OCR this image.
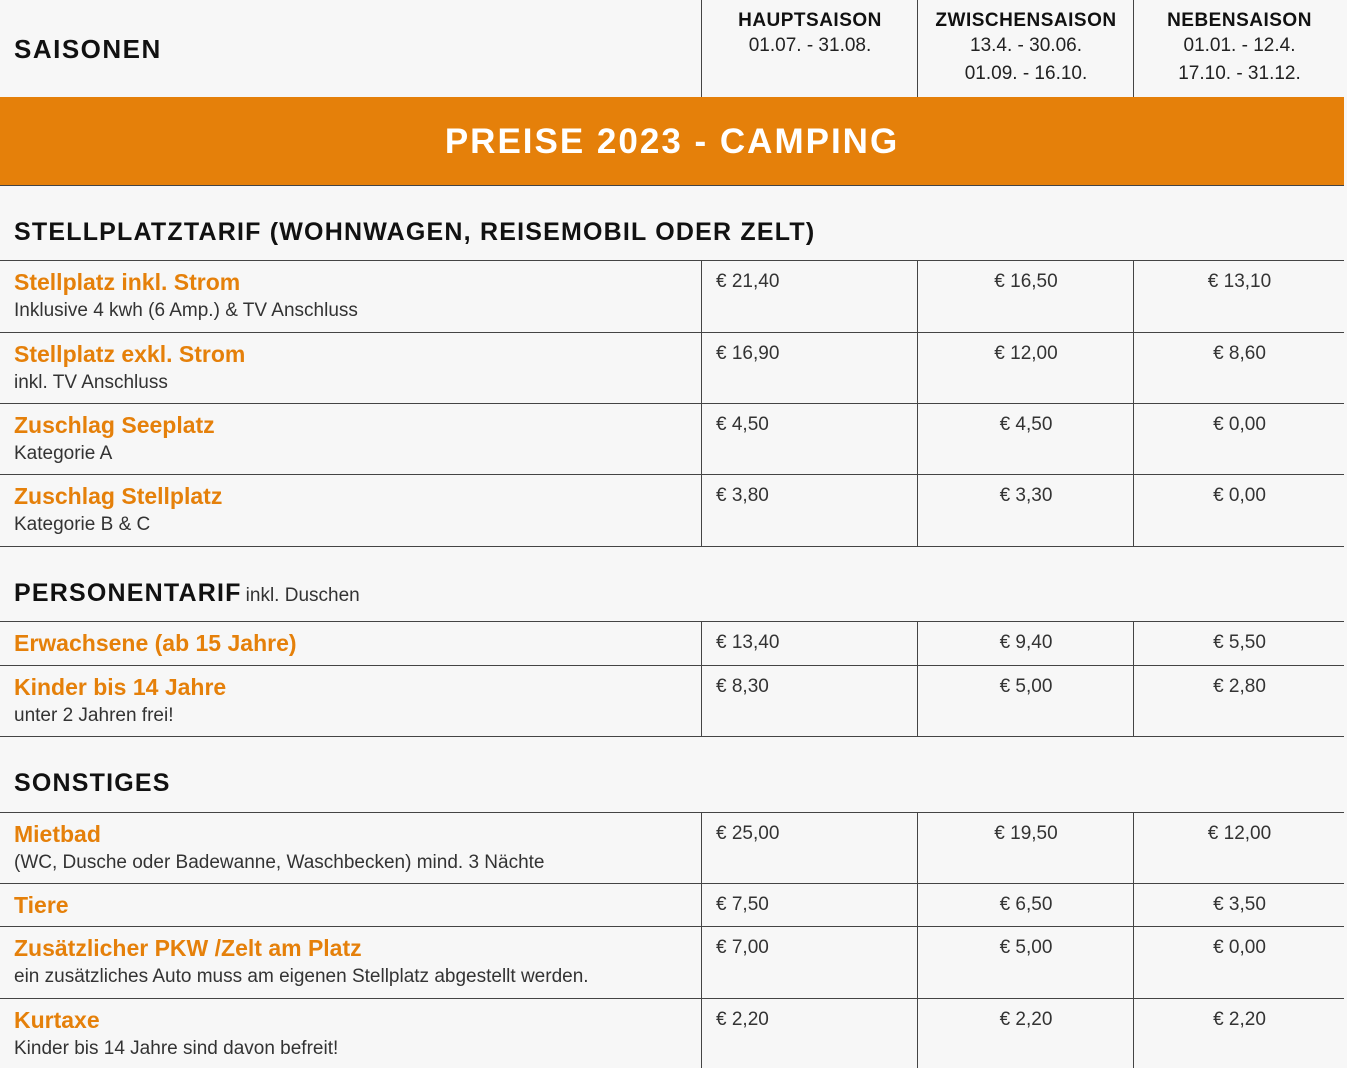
SAISONEN
HAUPTSAISON
01.07. - 31.08.
ZWISCHENSAISON
13.4. - 30.06.
01.09. - 16.10.
NEBENSAISON
01.01. - 12.4.
17.10. - 31.12.
PREISE 2023 - CAMPING
STELLPLATZTARIF (WOHNWAGEN, REISEMOBIL ODER ZELT)
Stellplatz inkl. Strom
Inklusive 4 kwh (6 Amp.) & TV Anschluss
€ 21,40	€ 16,50	€ 13,10
Stellplatz exkl. Strom
inkl. TV Anschluss
€ 16,90	€ 12,00	€ 8,60
Zuschlag Seeplatz
Kategorie A
€ 4,50	€ 4,50	€ 0,00
Zuschlag Stellplatz
Kategorie B & C
€ 3,80	€ 3,30	€ 0,00
PERSONENTARIF inkl. Duschen
Erwachsene (ab 15 Jahre)	€ 13,40	€ 9,40	€ 5,50
Kinder bis 14 Jahre
unter 2 Jahren frei!
€ 8,30	€ 5,00	€ 2,80
SONSTIGES
Mietbad
(WC, Dusche oder Badewanne, Waschbecken) mind. 3 Nächte
€ 25,00	€ 19,50	€ 12,00
Tiere	€ 7,50	€ 6,50	€ 3,50
Zusätzlicher PKW /Zelt am Platz
ein zusätzliches Auto muss am eigenen Stellplatz abgestellt werden.
€ 7,00	€ 5,00	€ 0,00
Kurtaxe
Kinder bis 14 Jahre sind davon befreit!
€ 2,20	€ 2,20	€ 2,20
